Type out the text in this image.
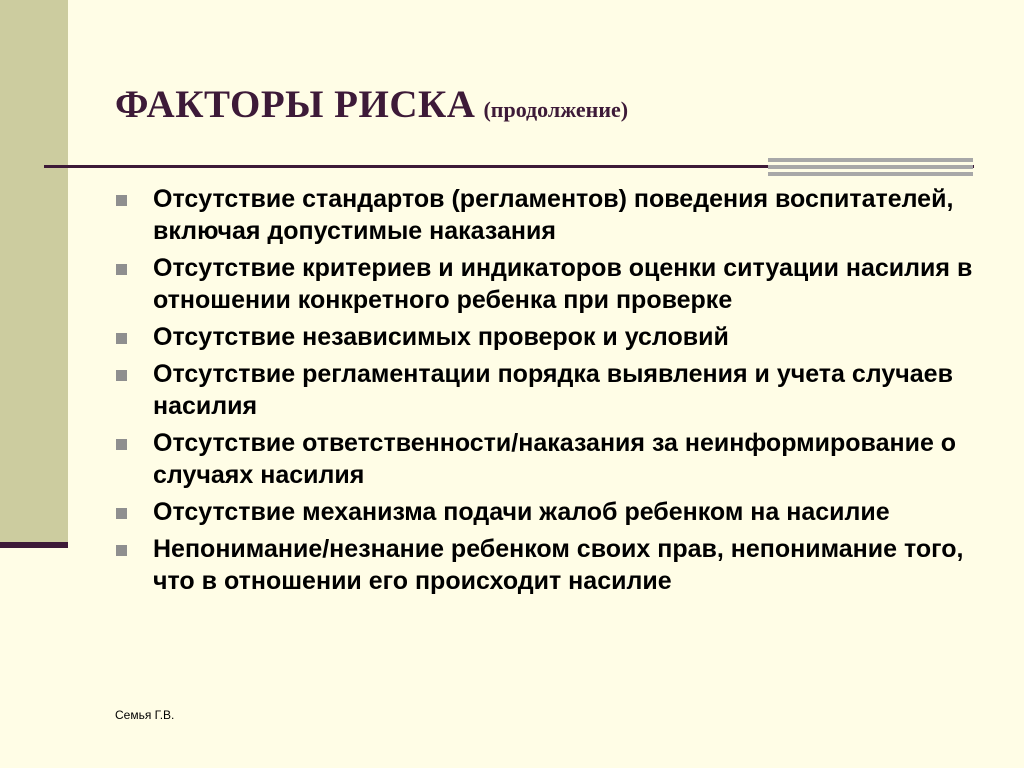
ФАКТОРЫ РИСКА (продолжение)
Отсутствие стандартов (регламентов) поведения воспитателей, включая допустимые наказания
Отсутствие критериев и индикаторов оценки ситуации насилия в отношении конкретного ребенка при проверке
Отсутствие независимых проверок и условий
Отсутствие регламентации порядка выявления и учета случаев насилия
Отсутствие ответственности/наказания за неинформирование о случаях насилия
Отсутствие механизма подачи жалоб ребенком на насилие
Непонимание/незнание ребенком своих прав, непонимание того, что в отношении его происходит насилие
Семья Г.В.
